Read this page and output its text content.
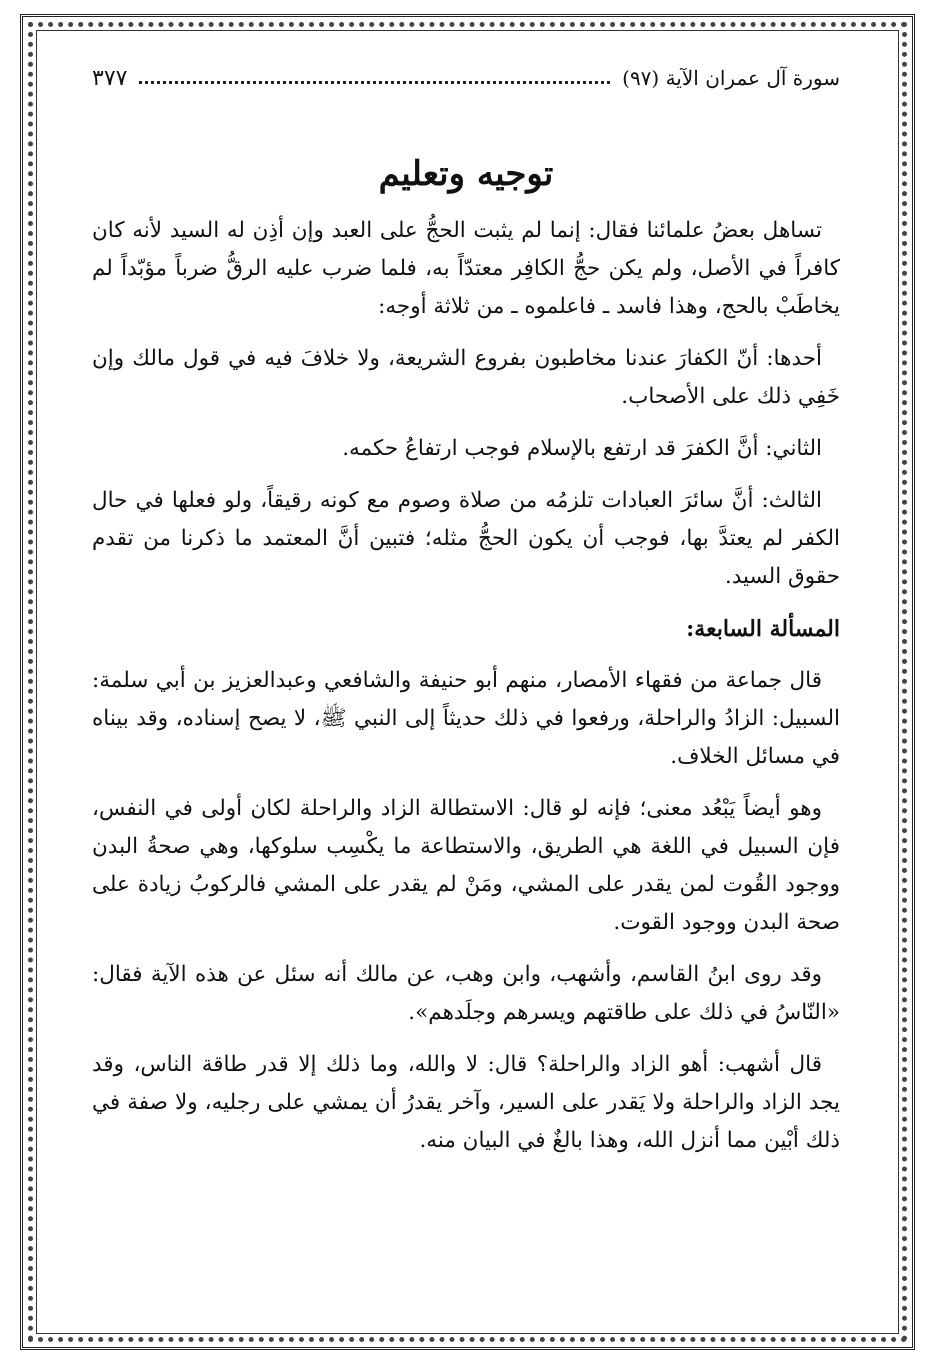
سورة آل عمران الآية (٩٧)
٣٧٧
توجيه وتعليم

تساهل بعضُ علمائنا فقال: إنما لم يثبت الحجُّ على العبد وإن أذِن له السيد لأنه كان كافراً في الأصل، ولم يكن حجُّ الكافِر معتدّاً به، فلما ضرب عليه الرقُّ ضرباً مؤبّداً لم يخاطَبْ بالحج، وهذا فاسد ـ فاعلموه ـ من ثلاثة أوجه:

أحدها: أنّ الكفارَ عندنا مخاطبون بفروع الشريعة، ولا خلافَ فيه في قول مالك وإن خَفِي ذلك على الأصحاب.

الثاني: أنَّ الكفرَ قد ارتفع بالإسلام فوجب ارتفاعُ حكمه.

الثالث: أنَّ سائرَ العبادات تلزمُه من صلاة وصوم مع كونه رقيقاً، ولو فعلها في حال الكفر لم يعتدَّ بها، فوجب أن يكون الحجُّ مثله؛ فتبين أنَّ المعتمد ما ذكرنا من تقدم حقوق السيد.

المسألة السابعة:

قال جماعة من فقهاء الأمصار، منهم أبو حنيفة والشافعي وعبدالعزيز بن أبي سلمة: السبيل: الزادُ والراحلة، ورفعوا في ذلك حديثاً إلى النبي ﷺ، لا يصح إسناده، وقد بيناه في مسائل الخلاف.

وهو أيضاً يَبْعُد معنى؛ فإنه لو قال: الاستطالة الزاد والراحلة لكان أولى في النفس، فإن السبيل في اللغة هي الطريق، والاستطاعة ما يكْسِب سلوكها، وهي صحةُ البدن ووجود القُوت لمن يقدر على المشي، ومَنْ لم يقدر على المشي فالركوبُ زيادة على صحة البدن ووجود القوت.

وقد روى ابنُ القاسم، وأشهب، وابن وهب، عن مالك أنه سئل عن هذه الآية فقال: «النّاسُ في ذلك على طاقتهم ويسرهم وجلَدهم».

قال أشهب: أهو الزاد والراحلة؟ قال: لا والله، وما ذلك إلا قدر طاقة الناس، وقد يجد الزاد والراحلة ولا يَقدر على السير، وآخر يقدرُ أن يمشي على رجليه، ولا صفة في ذلك أبْين مما أنزل الله، وهذا بالغٌ في البيان منه.
